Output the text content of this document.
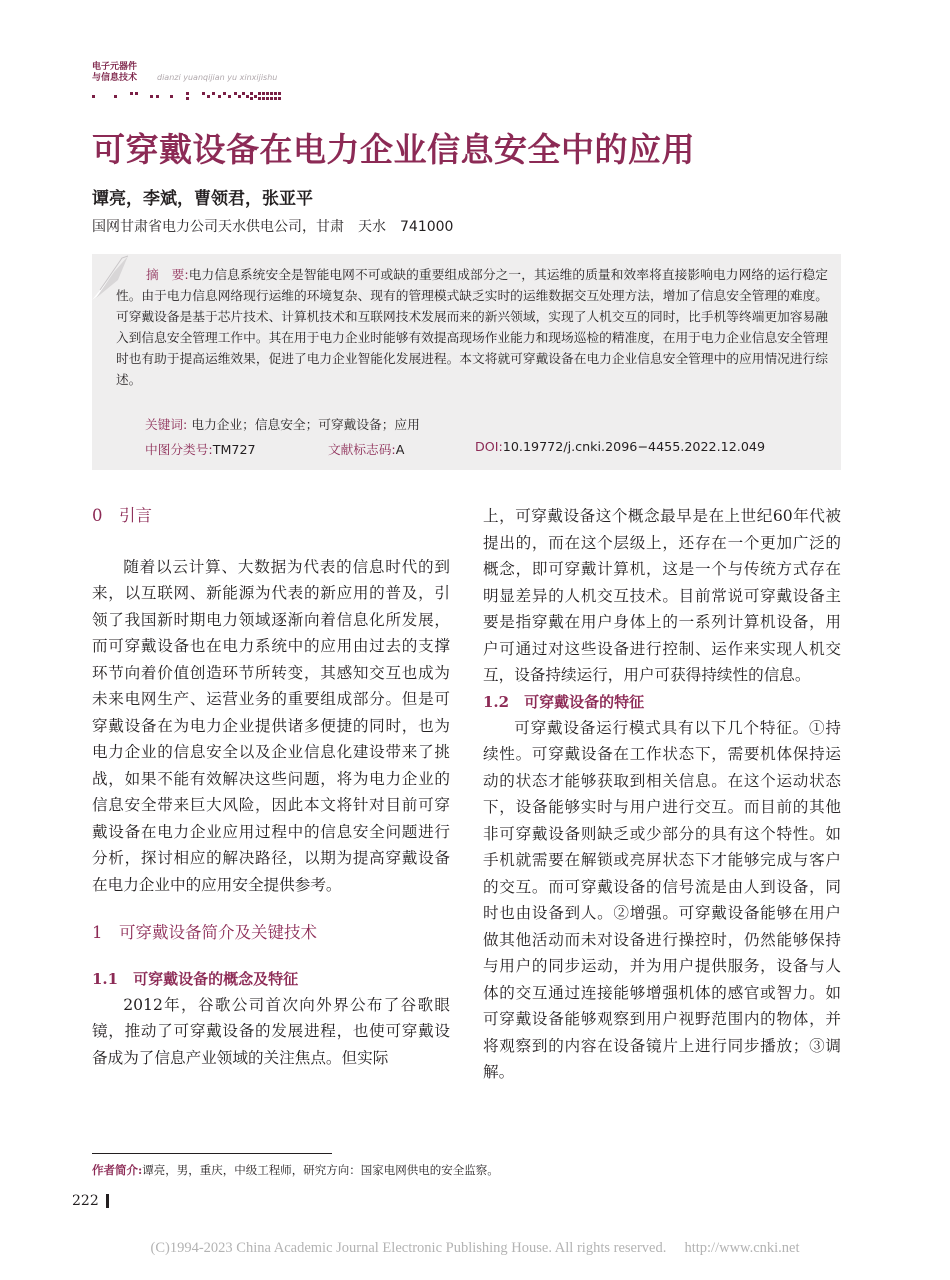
电子元器件
与信息技术 dianzi yuanqijian yu xinxijishu
可穿戴设备在电力企业信息安全中的应用
谭亮，李斌，曹领君，张亚平
国网甘肃省电力公司天水供电公司，甘肃　天水　741000
摘　要:电力信息系统安全是智能电网不可或缺的重要组成部分之一，其运维的质量和效率将直接影响电力网络的运行稳定性。由于电力信息网络现行运维的环境复杂、现有的管理模式缺乏实时的运维数据交互处理方法，增加了信息安全管理的难度。可穿戴设备是基于芯片技术、计算机技术和互联网技术发展而来的新兴领域，实现了人机交互的同时，比手机等终端更加容易融入到信息安全管理工作中。其在用于电力企业时能够有效提高现场作业能力和现场巡检的精准度，在用于电力企业信息安全管理时也有助于提高运维效果，促进了电力企业智能化发展进程。本文将就可穿戴设备在电力企业信息安全管理中的应用情况进行综述。
关键词: 电力企业；信息安全；可穿戴设备；应用
中图分类号:TM727	文献标志码:A	DOI:10.19772/j.cnki.2096−4455.2022.12.049

0　引言

随着以云计算、大数据为代表的信息时代的到来，以互联网、新能源为代表的新应用的普及，引领了我国新时期电力领域逐渐向着信息化所发展，而可穿戴设备也在电力系统中的应用由过去的支撑环节向着价值创造环节所转变，其感知交互也成为未来电网生产、运营业务的重要组成部分。但是可穿戴设备在为电力企业提供诸多便捷的同时，也为电力企业的信息安全以及企业信息化建设带来了挑战，如果不能有效解决这些问题，将为电力企业的信息安全带来巨大风险，因此本文将针对目前可穿戴设备在电力企业应用过程中的信息安全问题进行分析，探讨相应的解决路径，以期为提高穿戴设备在电力企业中的应用安全提供参考。

1　可穿戴设备简介及关键技术

1.1　可穿戴设备的概念及特征

2012年，谷歌公司首次向外界公布了谷歌眼镜，推动了可穿戴设备的发展进程，也使可穿戴设备成为了信息产业领域的关注焦点。但实际

上，可穿戴设备这个概念最早是在上世纪60年代被提出的，而在这个层级上，还存在一个更加广泛的概念，即可穿戴计算机，这是一个与传统方式存在明显差异的人机交互技术。目前常说可穿戴设备主要是指穿戴在用户身体上的一系列计算机设备，用户可通过对这些设备进行控制、运作来实现人机交互，设备持续运行，用户可获得持续性的信息。

1.2　可穿戴设备的特征

可穿戴设备运行模式具有以下几个特征。①持续性。可穿戴设备在工作状态下，需要机体保持运动的状态才能够获取到相关信息。在这个运动状态下，设备能够实时与用户进行交互。而目前的其他非可穿戴设备则缺乏或少部分的具有这个特性。如手机就需要在解锁或亮屏状态下才能够完成与客户的交互。而可穿戴设备的信号流是由人到设备，同时也由设备到人。②增强。可穿戴设备能够在用户做其他活动而未对设备进行操控时，仍然能够保持与用户的同步运动，并为用户提供服务，设备与人体的交互通过连接能够增强机体的感官或智力。如可穿戴设备能够观察到用户视野范围内的物体，并将观察到的内容在设备镜片上进行同步播放；③调解。

作者简介:谭亮，男，重庆，中级工程师，研究方向：国家电网供电的安全监察。
222
(C)1994-2023 China Academic Journal Electronic Publishing House. All rights reserved.　 http://www.cnki.net
